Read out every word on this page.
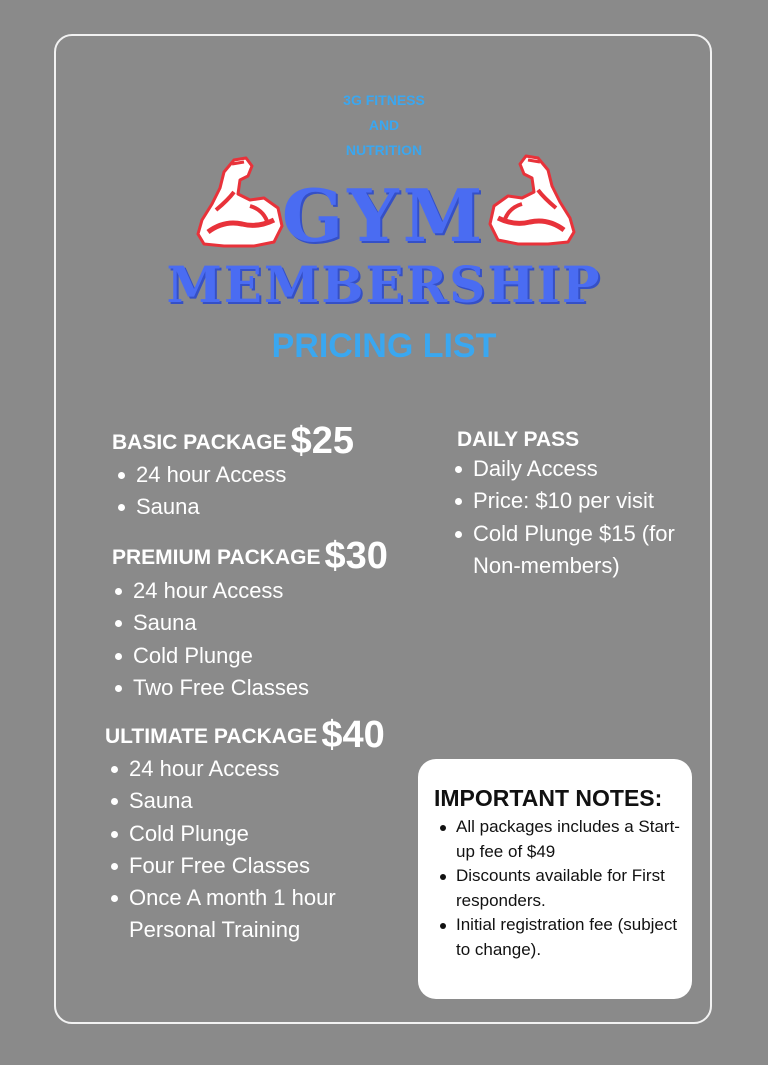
3G FITNESS
AND
NUTRITION
GYM
MEMBERSHIP
PRICING LIST
BASIC PACKAGE $25
24 hour Access
Sauna
PREMIUM PACKAGE $30
24 hour Access
Sauna
Cold Plunge
Two Free Classes
ULTIMATE PACKAGE $40
24 hour Access
Sauna
Cold Plunge
Four Free Classes
Once A month 1 hour Personal Training
DAILY PASS
Daily Access
Price: $10 per visit
Cold Plunge $15 (for Non-members)
IMPORTANT NOTES:
All packages includes a Start-up fee of $49
Discounts available for First responders.
Initial registration fee (subject to change).
